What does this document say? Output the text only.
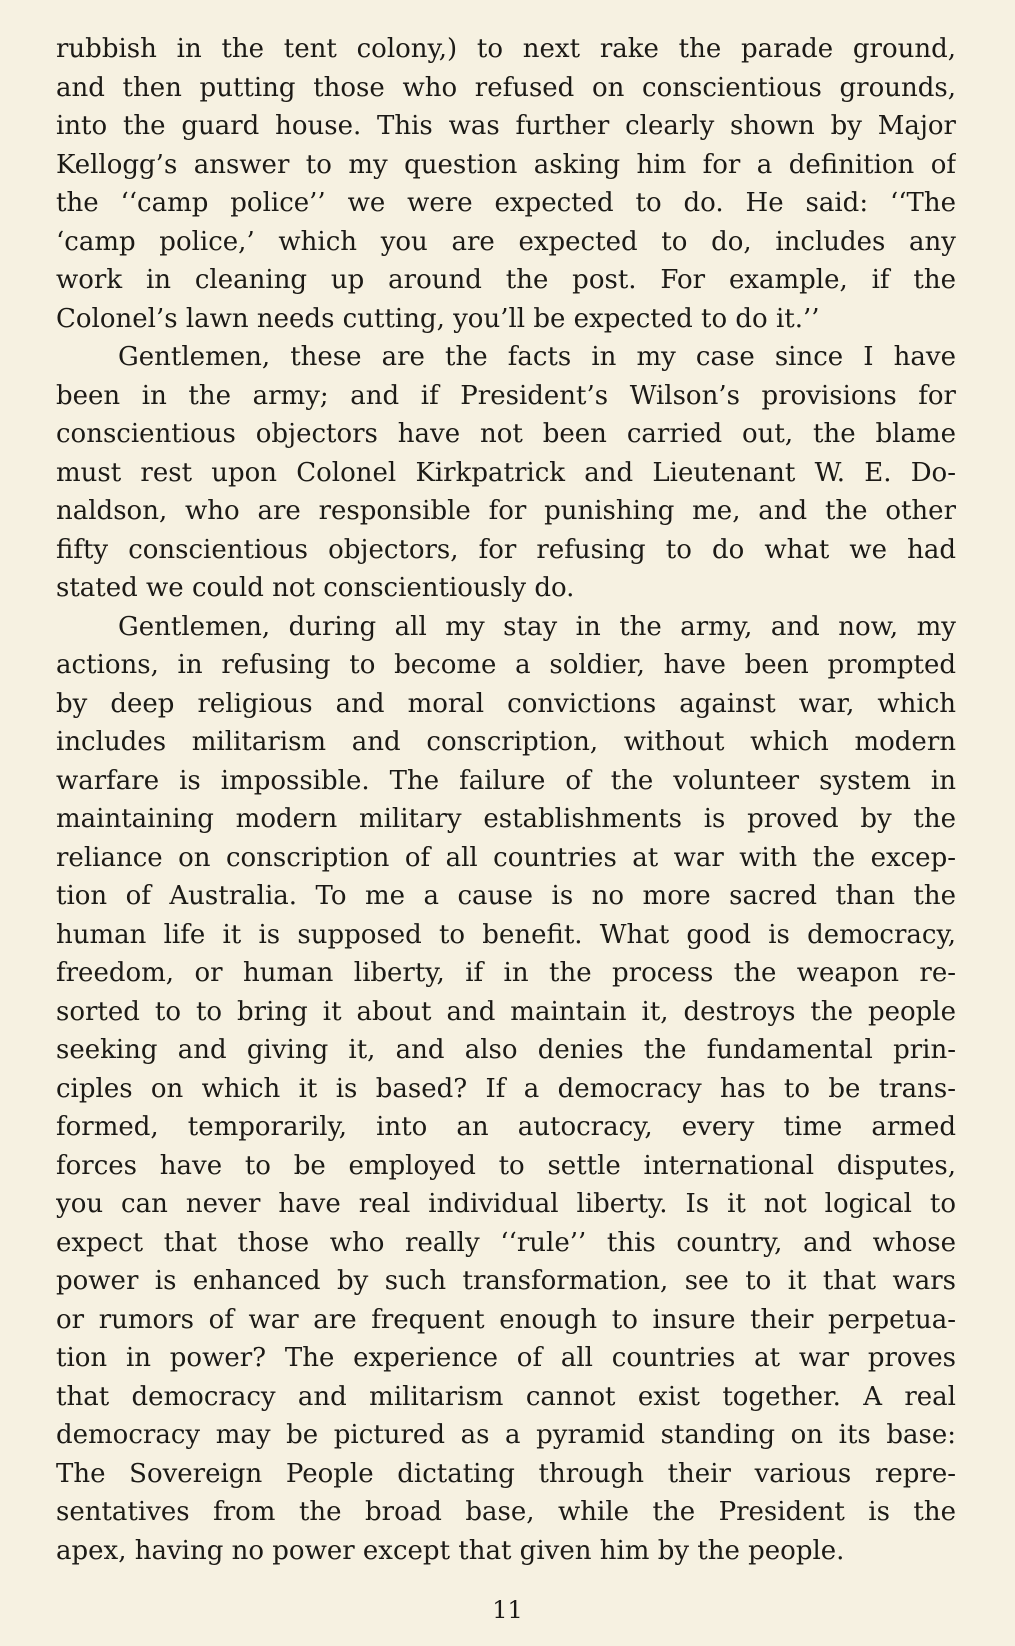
rubbish in the tent colony,) to next rake the parade ground,
and then putting those who refused on conscientious grounds,
into the guard house. This was further clearly shown by Major
Kellogg’s answer to my question asking him for a definition of
the ‘‘camp police’’ we were expected to do. He said: ‘‘The
‘camp police,’ which you are expected to do, includes any
work in cleaning up around the post. For example, if the
Colonel’s lawn needs cutting, you’ll be expected to do it.’’
Gentlemen, these are the facts in my case since I have
been in the army; and if President’s Wilson’s provisions for
conscientious objectors have not been carried out, the blame
must rest upon Colonel Kirkpatrick and Lieutenant W. E. Do-
naldson, who are responsible for punishing me, and the other
fifty conscientious objectors, for refusing to do what we had
stated we could not conscientiously do.
Gentlemen, during all my stay in the army, and now, my
actions, in refusing to become a soldier, have been prompted
by deep religious and moral convictions against war, which
includes militarism and conscription, without which modern
warfare is impossible. The failure of the volunteer system in
maintaining modern military establishments is proved by the
reliance on conscription of all countries at war with the excep-
tion of Australia. To me a cause is no more sacred than the
human life it is supposed to benefit. What good is democracy,
freedom, or human liberty, if in the process the weapon re-
sorted to to bring it about and maintain it, destroys the people
seeking and giving it, and also denies the fundamental prin-
ciples on which it is based? If a democracy has to be trans-
formed, temporarily, into an autocracy, every time armed
forces have to be employed to settle international disputes,
you can never have real individual liberty. Is it not logical to
expect that those who really ‘‘rule’’ this country, and whose
power is enhanced by such transformation, see to it that wars
or rumors of war are frequent enough to insure their perpetua-
tion in power? The experience of all countries at war proves
that democracy and militarism cannot exist together. A real
democracy may be pictured as a pyramid standing on its base:
The Sovereign People dictating through their various repre-
sentatives from the broad base, while the President is the
apex, having no power except that given him by the people.
11
